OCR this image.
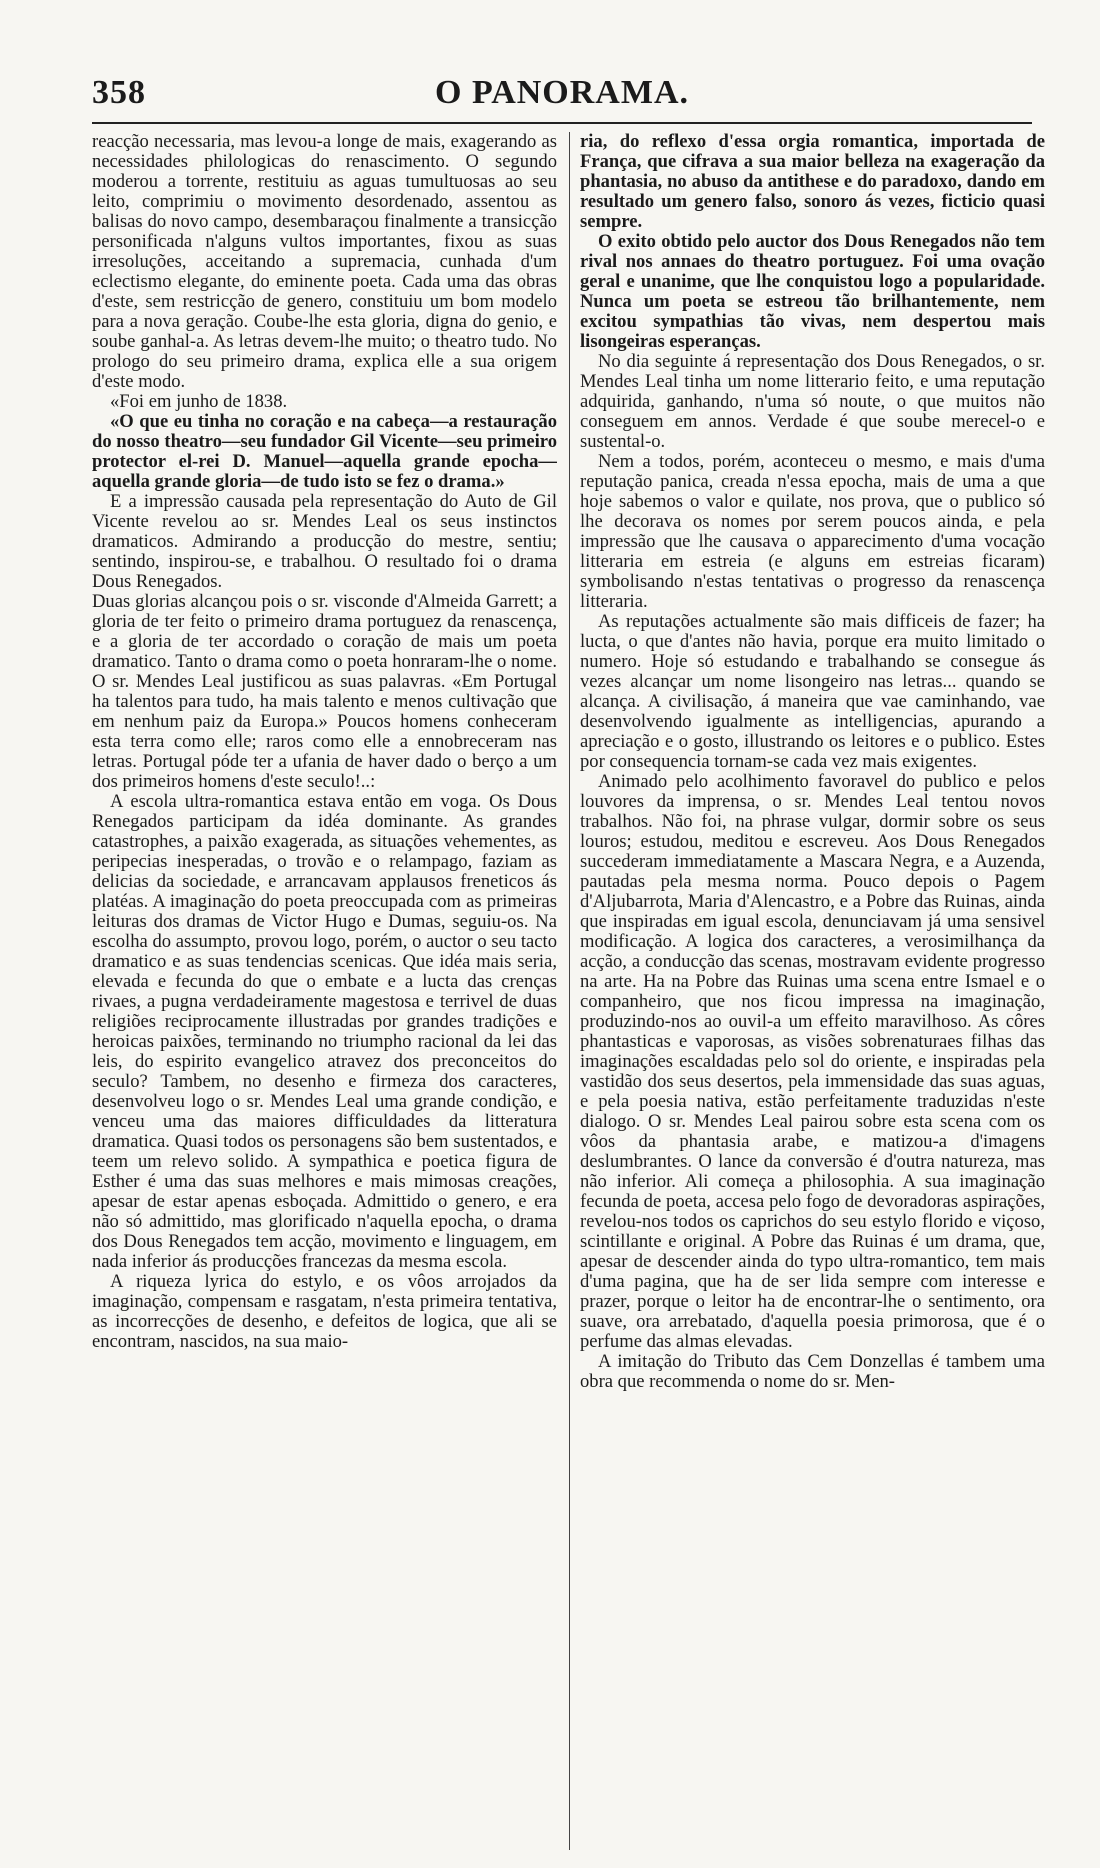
358	O PANORAMA.

reacção necessaria, mas levou-a longe de mais, exagerando as necessidades philologicas do renascimento. O segundo moderou a torrente, restituiu as aguas tumultuosas ao seu leito, comprimiu o movimento desordenado, assentou as balisas do novo campo, desembaraçou finalmente a transicção personificada n'alguns vultos importantes, fixou as suas irresoluções, acceitando a supremacia, cunhada d'um eclectismo elegante, do eminente poeta. Cada uma das obras d'este, sem restricção de genero, constituiu um bom modelo para a nova geração. Coube-lhe esta gloria, digna do genio, e soube ganhal-a. As letras devem-lhe muito; o theatro tudo. No prologo do seu primeiro drama, explica elle a sua origem d'este modo.

«Foi em junho de 1838.

«O que eu tinha no coração e na cabeça—a restauração do nosso theatro—seu fundador Gil Vicente—seu primeiro protector el-rei D. Manuel—aquella grande epocha—aquella grande gloria—de tudo isto se fez o drama.»

E a impressão causada pela representação do Auto de Gil Vicente revelou ao sr. Mendes Leal os seus instinctos dramaticos. Admirando a producção do mestre, sentiu; sentindo, inspirou-se, e trabalhou. O resultado foi o drama Dous Renegados.

Duas glorias alcançou pois o sr. visconde d'Almeida Garrett; a gloria de ter feito o primeiro drama portuguez da renascença, e a gloria de ter accordado o coração de mais um poeta dramatico. Tanto o drama como o poeta honraram-lhe o nome. O sr. Mendes Leal justificou as suas palavras. «Em Portugal ha talentos para tudo, ha mais talento e menos cultivação que em nenhum paiz da Europa.» Poucos homens conheceram esta terra como elle; raros como elle a ennobreceram nas letras. Portugal póde ter a ufania de haver dado o berço a um dos primeiros homens d'este seculo!..:

A escola ultra-romantica estava então em voga. Os Dous Renegados participam da idéa dominante. As grandes catastrophes, a paixão exagerada, as situações vehementes, as peripecias inesperadas, o trovão e o relampago, faziam as delicias da sociedade, e arrancavam applausos freneticos ás platéas. A imaginação do poeta preoccupada com as primeiras leituras dos dramas de Victor Hugo e Dumas, seguiu-os. Na escolha do assumpto, provou logo, porém, o auctor o seu tacto dramatico e as suas tendencias scenicas. Que idéa mais seria, elevada e fecunda do que o embate e a lucta das crenças rivaes, a pugna verdadeiramente magestosa e terrivel de duas religiões reciprocamente illustradas por grandes tradições e heroicas paixões, terminando no triumpho racional da lei das leis, do espirito evangelico atravez dos preconceitos do seculo? Tambem, no desenho e firmeza dos caracteres, desenvolveu logo o sr. Mendes Leal uma grande condição, e venceu uma das maiores difficuldades da litteratura dramatica. Quasi todos os personagens são bem sustentados, e teem um relevo solido. A sympathica e poetica figura de Esther é uma das suas melhores e mais mimosas creações, apesar de estar apenas esboçada. Admittido o genero, e era não só admittido, mas glorificado n'aquella epocha, o drama dos Dous Renegados tem acção, movimento e linguagem, em nada inferior ás producções francezas da mesma escola.

A riqueza lyrica do estylo, e os vôos arrojados da imaginação, compensam e rasgatam, n'esta primeira tentativa, as incorrecções de desenho, e defeitos de logica, que ali se encontram, nascidos, na sua maio-

ria, do reflexo d'essa orgia romantica, importada de França, que cifrava a sua maior belleza na exageração da phantasia, no abuso da antithese e do paradoxo, dando em resultado um genero falso, sonoro ás vezes, ficticio quasi sempre.

O exito obtido pelo auctor dos Dous Renegados não tem rival nos annaes do theatro portuguez. Foi uma ovação geral e unanime, que lhe conquistou logo a popularidade. Nunca um poeta se estreou tão brilhantemente, nem excitou sympathias tão vivas, nem despertou mais lisongeiras esperanças.

No dia seguinte á representação dos Dous Renegados, o sr. Mendes Leal tinha um nome litterario feito, e uma reputação adquirida, ganhando, n'uma só noute, o que muitos não conseguem em annos. Verdade é que soube merecel-o e sustental-o.

Nem a todos, porém, aconteceu o mesmo, e mais d'uma reputação panica, creada n'essa epocha, mais de uma a que hoje sabemos o valor e quilate, nos prova, que o publico só lhe decorava os nomes por serem poucos ainda, e pela impressão que lhe causava o apparecimento d'uma vocação litteraria em estreia (e alguns em estreias ficaram) symbolisando n'estas tentativas o progresso da renascença litteraria.

As reputações actualmente são mais difficeis de fazer; ha lucta, o que d'antes não havia, porque era muito limitado o numero. Hoje só estudando e trabalhando se consegue ás vezes alcançar um nome lisongeiro nas letras... quando se alcança. A civilisação, á maneira que vae caminhando, vae desenvolvendo igualmente as intelligencias, apurando a apreciação e o gosto, illustrando os leitores e o publico. Estes por consequencia tornam-se cada vez mais exigentes.

Animado pelo acolhimento favoravel do publico e pelos louvores da imprensa, o sr. Mendes Leal tentou novos trabalhos. Não foi, na phrase vulgar, dormir sobre os seus louros; estudou, meditou e escreveu. Aos Dous Renegados succederam immediatamente a Mascara Negra, e a Auzenda, pautadas pela mesma norma. Pouco depois o Pagem d'Aljubarrota, Maria d'Alencastro, e a Pobre das Ruinas, ainda que inspiradas em igual escola, denunciavam já uma sensivel modificação. A logica dos caracteres, a verosimilhança da acção, a conducção das scenas, mostravam evidente progresso na arte. Ha na Pobre das Ruinas uma scena entre Ismael e o companheiro, que nos ficou impressa na imaginação, produzindo-nos ao ouvil-a um effeito maravilhoso. As côres phantasticas e vaporosas, as visões sobrenaturaes filhas das imaginações escaldadas pelo sol do oriente, e inspiradas pela vastidão dos seus desertos, pela immensidade das suas aguas, e pela poesia nativa, estão perfeitamente traduzidas n'este dialogo. O sr. Mendes Leal pairou sobre esta scena com os vôos da phantasia arabe, e matizou-a d'imagens deslumbrantes. O lance da conversão é d'outra natureza, mas não inferior. Ali começa a philosophia. A sua imaginação fecunda de poeta, accesa pelo fogo de devoradoras aspirações, revelou-nos todos os caprichos do seu estylo florido e viçoso, scintillante e original. A Pobre das Ruinas é um drama, que, apesar de descender ainda do typo ultra-romantico, tem mais d'uma pagina, que ha de ser lida sempre com interesse e prazer, porque o leitor ha de encontrar-lhe o sentimento, ora suave, ora arrebatado, d'aquella poesia primorosa, que é o perfume das almas elevadas.

A imitação do Tributo das Cem Donzellas é tambem uma obra que recommenda o nome do sr. Men-
